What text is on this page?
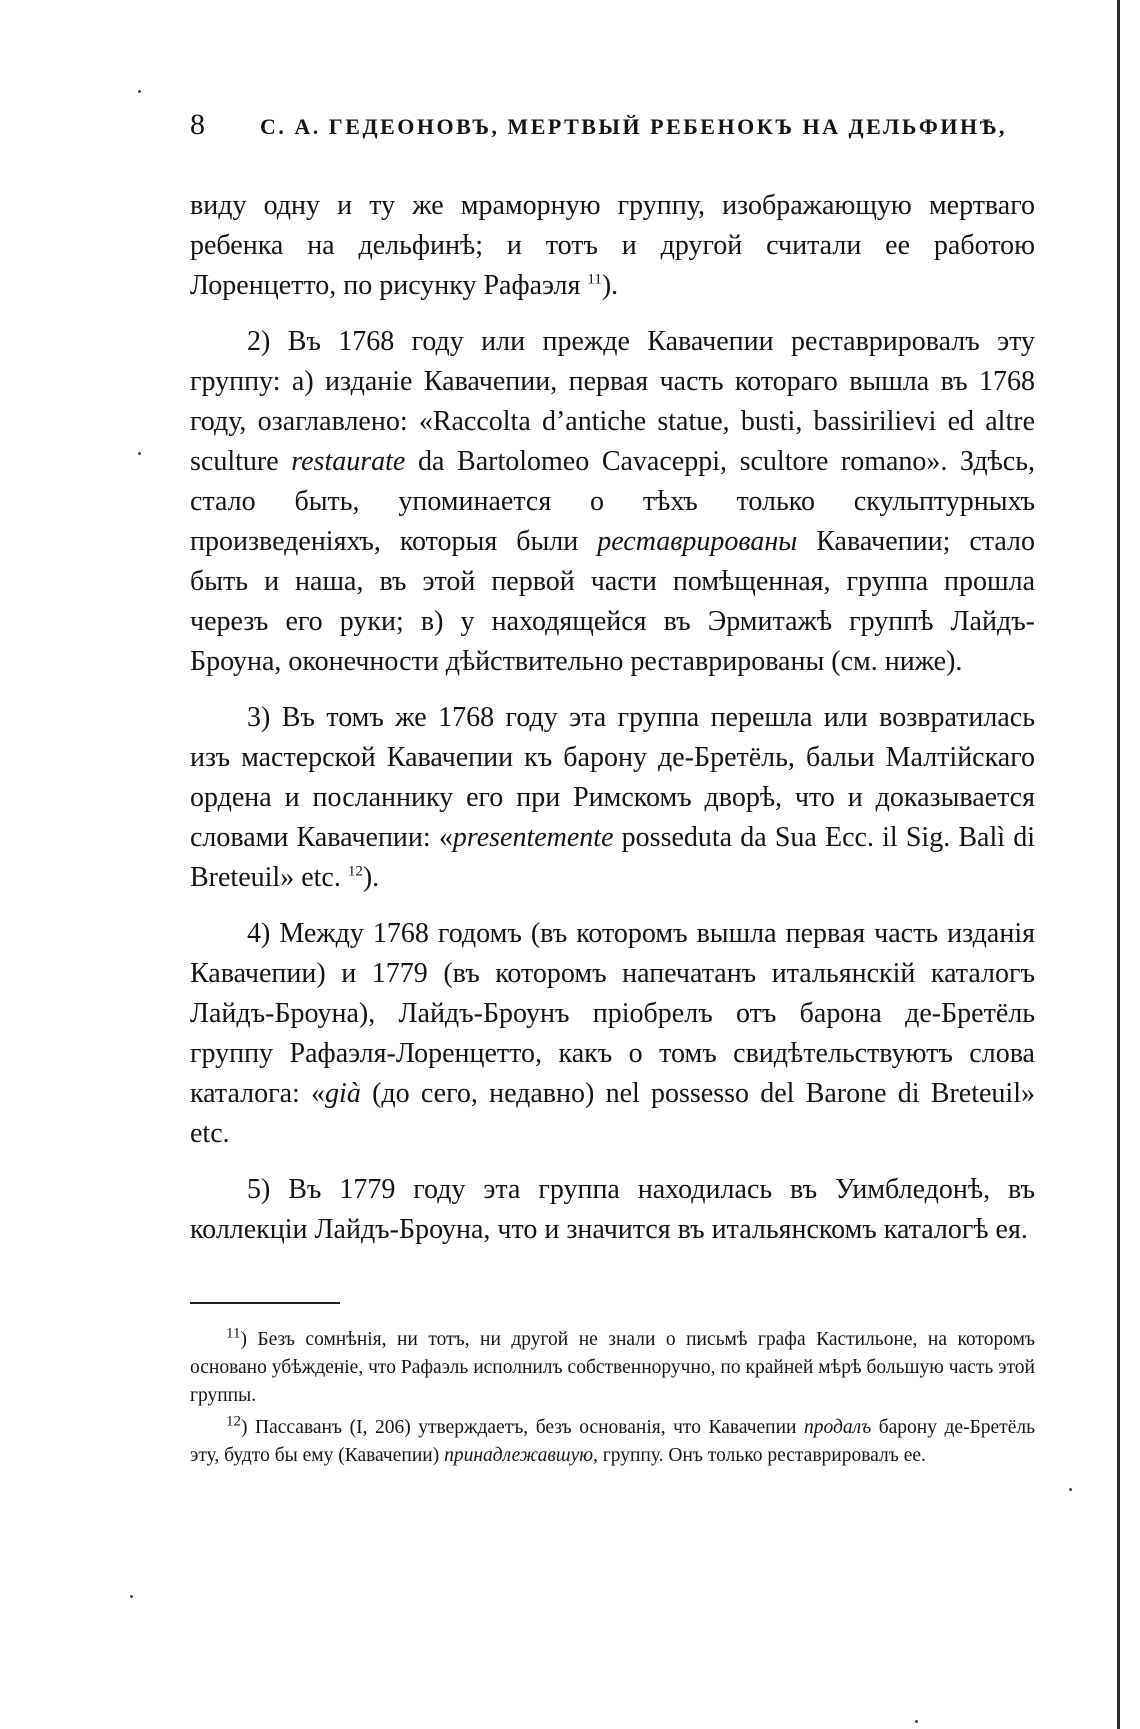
8	С. А. ГЕДЕОНОВЪ, МЕРТВЫЙ РЕБЕНОКЪ НА ДЕЛЬФИНѢ,

виду одну и ту же мраморную группу, изображающую мертваго ребенка на дельфинѣ; и тотъ и другой считали ее работою Лоренцетто, по рисунку Рафаэля $^{11}$).

2) Въ 1768 году или прежде Кавачепии реставрировалъ эту группу: а) изданіе Кавачепии, первая часть котораго вышла въ 1768 году, озаглавлено: «Raccolta d’antiche statue, busti, bassirilievi ed altre sculture restaurate da Bartolomeo Cavaceppi, scultore romano». Здѣсь, стало быть, упоминается о тѣхъ только скульптурныхъ произведеніяхъ, которыя были реставрированы Кавачепии; стало быть и наша, въ этой первой части помѣщенная, группа прошла черезъ его руки; в) у находящейся въ Эрмитажѣ группѣ Лайдъ-Броуна, оконечности дѣйствительно реставрированы (см. ниже).

3) Въ томъ же 1768 году эта группа перешла или возвратилась изъ мастерской Кавачепии къ барону де-Бретёль, бальи Малтійскаго ордена и посланнику его при Римскомъ дворѣ, что и доказывается словами Кавачепии: «presentemente posseduta da Sua Ecc. il Sig. Balì di Breteuil» etc. $^{12}$).

4) Между 1768 годомъ (въ которомъ вышла первая часть изданія Кавачепии) и 1779 (въ которомъ напечатанъ итальянскій каталогъ Лайдъ-Броуна), Лайдъ-Броунъ пріобрелъ отъ барона де-Бретёль группу Рафаэля-Лоренцетто, какъ о томъ свидѣтельствуютъ слова каталога: «già (до сего, недавно) nel possesso del Barone di Breteuil» etc.

5) Въ 1779 году эта группа находилась въ Уимбледонѣ, въ коллекціи Лайдъ-Броуна, что и значится въ итальянскомъ каталогѣ ея.

$^{11}$) Безъ сомнѣнія, ни тотъ, ни другой не знали о письмѣ графа Кастильоне, на которомъ основано убѣжденіе, что Рафаэль исполнилъ собственноручно, по крайней мѣрѣ большую часть этой группы.

$^{12}$) Пассаванъ (I, 206) утверждаетъ, безъ основанія, что Кавачепии продалъ барону де-Бретёль эту, будто бы ему (Кавачепии) принадлежавшую, группу. Онъ только реставрировалъ ее.
